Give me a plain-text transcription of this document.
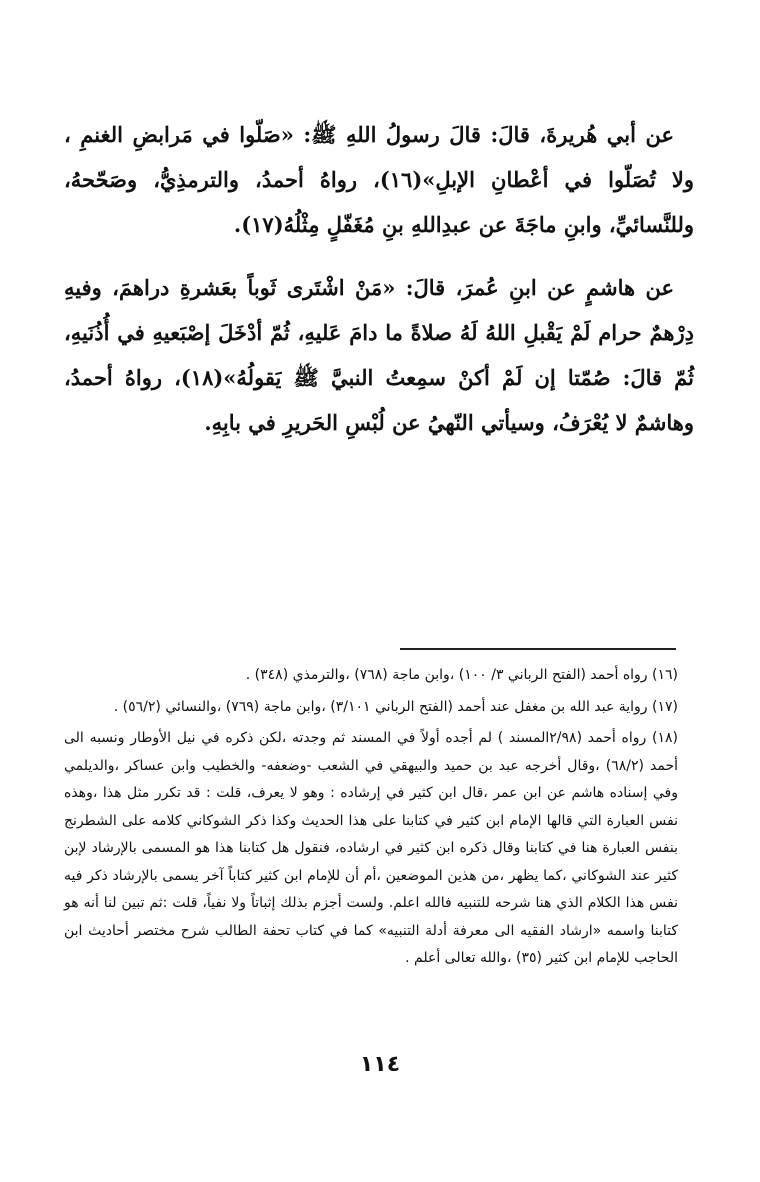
عن أبي هُريرةَ، قالَ: قالَ رسولُ اللهِ ﷺ: «صَلّوا في مَرابضِ الغنمِ ، ولا تُصَلّوا في أعْطانِ الإبلِ»(١٦)، رواهُ أحمدُ، والترمذِيُّ، وصَحّحهُ، وللنَّسائيِّ، وابنِ ماجَةَ عن عبدِاللهِ بنِ مُغَفّلٍ مِثْلُهُ(١٧).

عن هاشمٍ عن ابنِ عُمرَ، قالَ: «مَنْ اشْتَرى ثَوباً بعَشرةِ دراهمَ، وفيهِ دِرْهمٌ حرام لَمْ يَقْبلِ اللهُ لَهُ صلاةً ما دامَ عَليهِ، ثُمّ أدْخَلَ إصْبَعيهِ في أُذُنَيهِ، ثُمّ قالَ: صُمّتا إن لَمْ أكنْ سمِعتُ النبيَّ ﷺ يَقولُهُ»(١٨)، رواهُ أحمدُ، وهاشمٌ لا يُعْرَفُ، وسيأتي النّهيُ عن لُبْسِ الحَريرِ في بابِهِ.

(١٦) رواه أحمد (الفتح الرباني ٣/ ١٠٠) ،وابن ماجة (٧٦٨) ،والترمذي (٣٤٨) .

(١٧) رواية عبد الله بن مغفل عند أحمد (الفتح الرباني ٣/١٠١) ،وابن ماجة (٧٦٩) ،والنسائي (٥٦/٢) .

(١٨) رواه أحمد (٢/٩٨المسند ) لم أجده أولاً في المسند ثم وجدته ،لكن ذكره في نيل الأوطار ونسبه الى أحمد (٦٨/٢) ،وقال أخرجه عبد بن حميد والبيهقي في الشعب -وضعفه- والخطيب وابن عساكر ،والديلمي وفي إسناده هاشم عن ابن عمر ،قال ابن كثير في إرشاده : وهو لا يعرف، قلت : قد تكرر مثل هذا ،وهذه نفس العبارة التي قالها الإمام ابن كثير في كتابنا على هذا الحديث وكذا ذكر الشوكاني كلامه على الشطرنج بنفس العبارة هنا في كتابنا وقال ذكره ابن كثير في ارشاده، فنقول هل كتابنا هذا هو المسمى بالإرشاد لإبن كثير عند الشوكاني ،كما يظهر ،من هذين الموضعين ،أم أن للإمام ابن كثير كتاباً آخر يسمى بالإرشاد ذكر فيه نفس هذا الكلام الذي هنا شرحه للتنبيه فالله اعلم. ولست أجزم بذلك إثباتاً ولا نفياً، قلت :ثم تبين لنا أنه هو كتابنا واسمه «ارشاد الفقيه الى معرفة أدلة التنبيه» كما في كتاب تحفة الطالب شرح مختصر أحاديث ابن الحاجب للإمام ابن كثير (٣٥) ،والله تعالى أعلم .

١١٤
